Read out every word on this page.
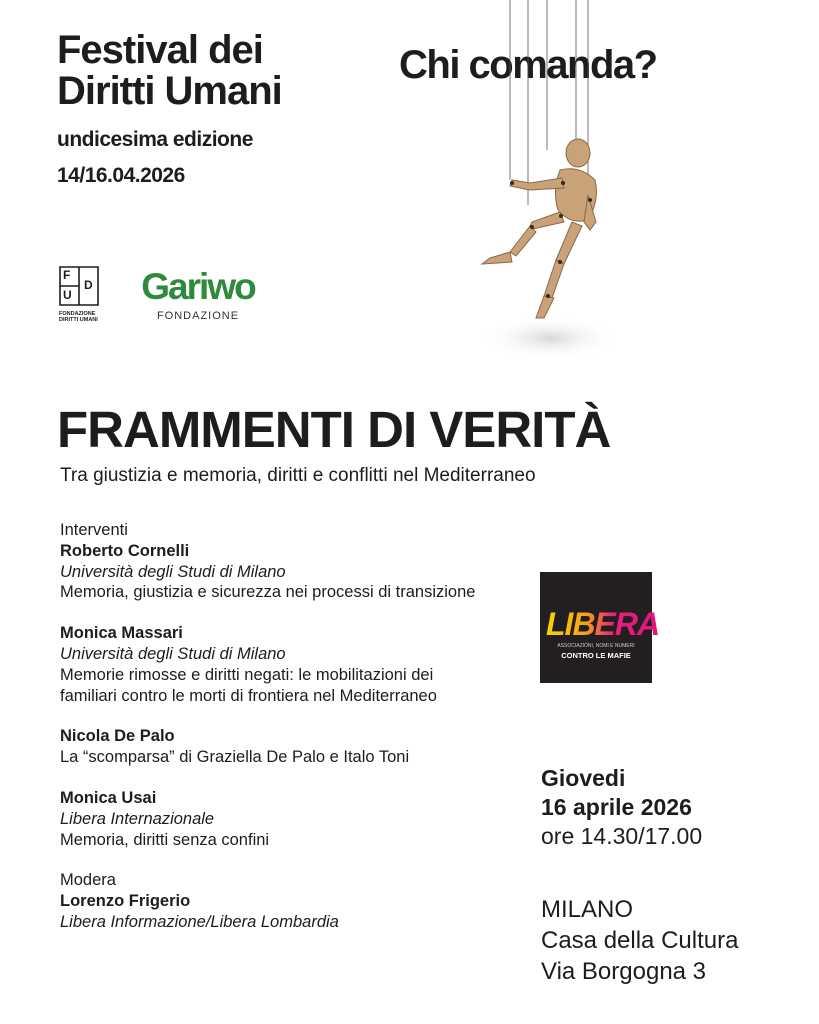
Festival dei
Diritti Umani
undicesima edizione
14/16.04.2026
Chi comanda?
F
U
D
FONDAZIONE
DIRITTI UMANI
Gariwo
FONDAZIONE
FRAMMENTI DI VERITÀ
Tra giustizia e memoria, diritti e conflitti nel Mediterraneo
Interventi
Roberto Cornelli
Università degli Studi di Milano
Memoria, giustizia e sicurezza nei processi di transizione
Monica Massari
Università degli Studi di Milano
Memorie rimosse e diritti negati: le mobilitazioni dei familiari contro le morti di frontiera nel Mediterraneo
Nicola De Palo
La “scomparsa” di Graziella De Palo e Italo Toni
Monica Usai
Libera Internazionale
Memoria, diritti senza confini
Modera
Lorenzo Frigerio
Libera Informazione/Libera Lombardia
LIBERA
ASSOCIAZIONI, NOMI E NUMERI
CONTRO LE MAFIE
Giovedi
16 aprile 2026
ore 14.30/17.00
MILANO
Casa della Cultura
Via Borgogna 3
